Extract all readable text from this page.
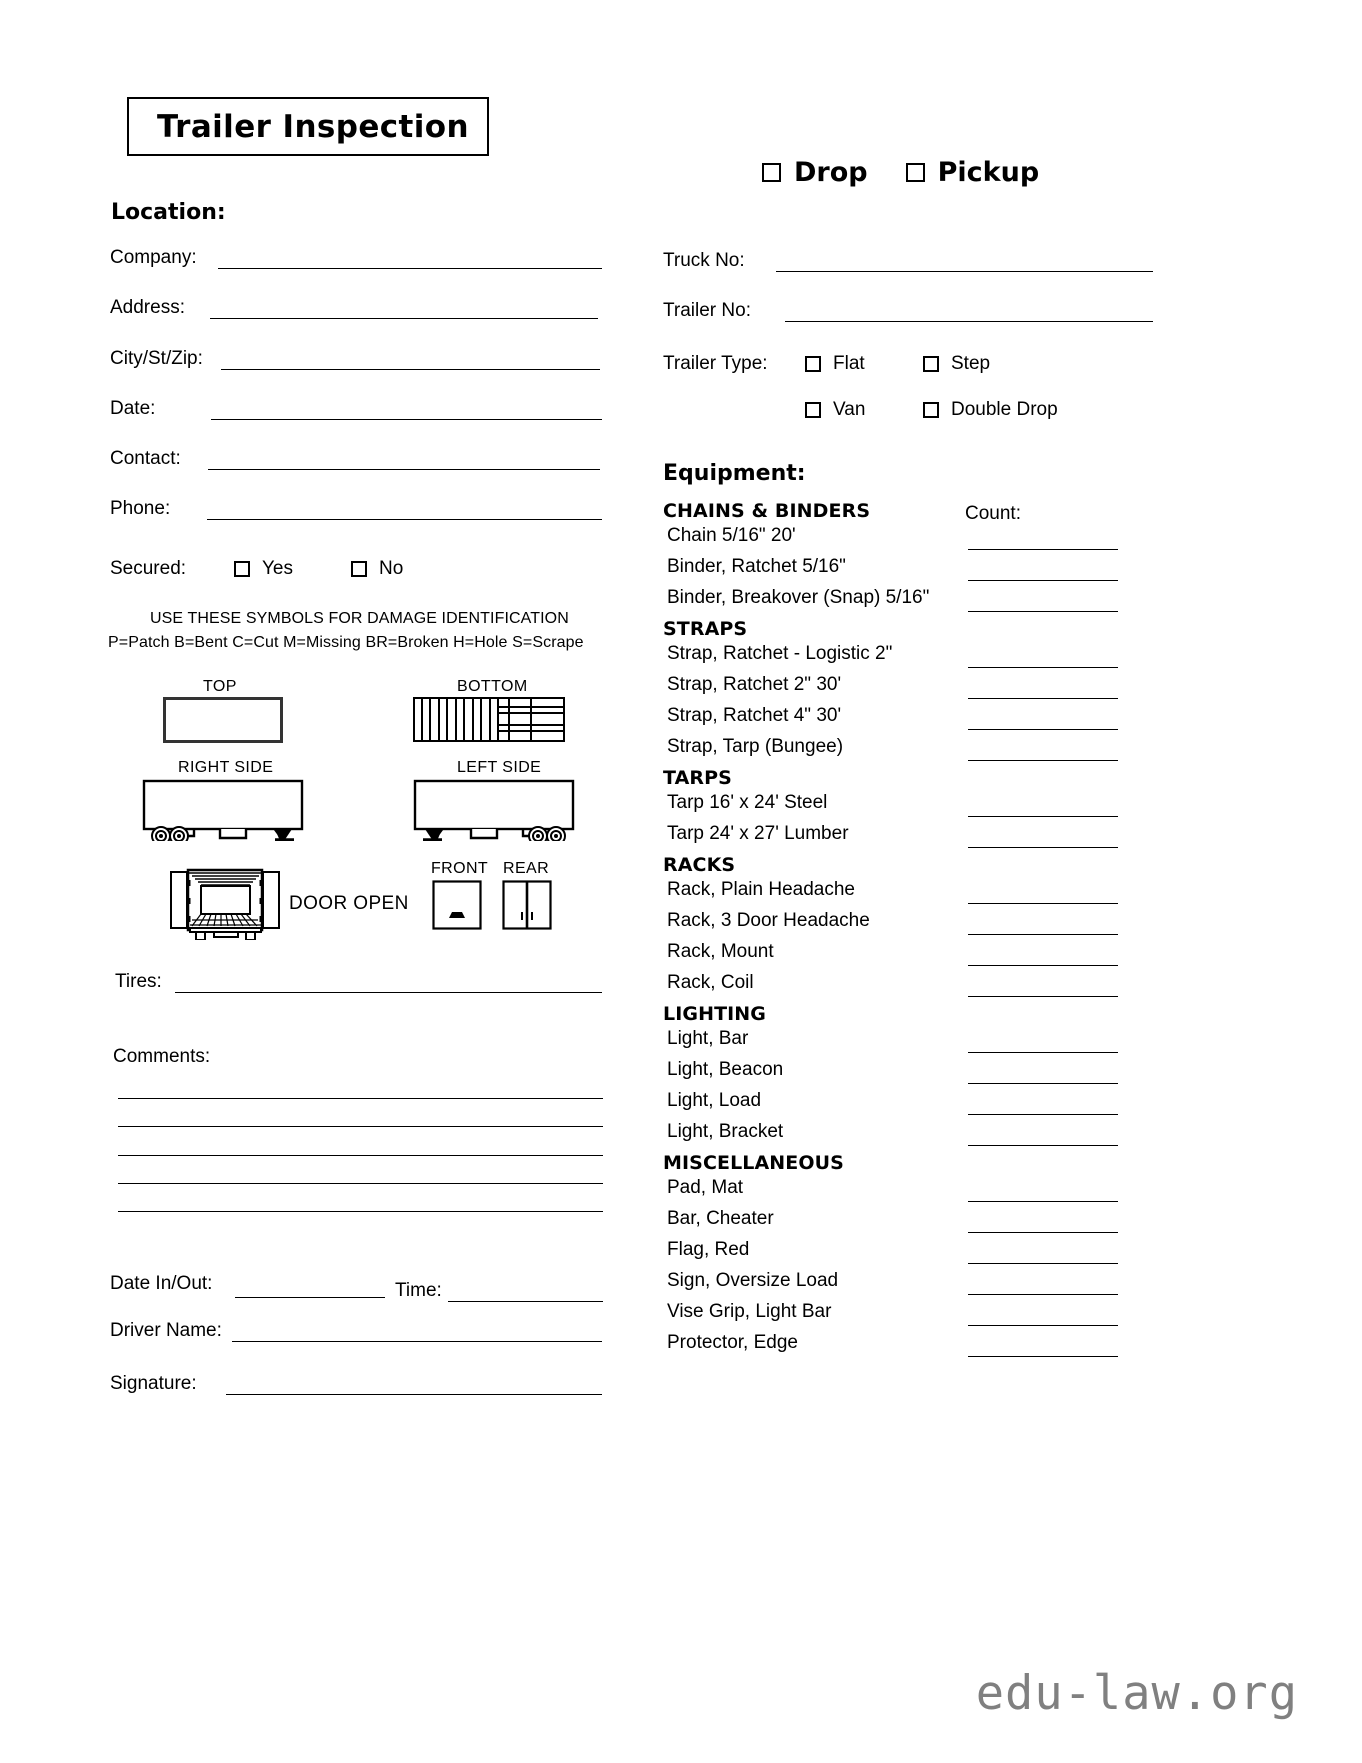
Trailer Inspection
Drop	Pickup
Location:
Company:
Address:
City/St/Zip:
Date:
Contact:
Phone:
Secured:	Yes	No
USE THESE SYMBOLS FOR DAMAGE IDENTIFICATION
P=Patch B=Bent C=Cut M=Missing BR=Broken H=Hole S=Scrape
TOP	BOTTOM
RIGHT SIDE	LEFT SIDE
DOOR OPEN
FRONT REAR
Tires:
Comments:
Date In/Out:	Time:
Driver Name:
Signature:
Truck No:
Trailer No:
Trailer Type:	Flat	Step
Van	Double Drop
Equipment:
Count:
CHAINS & BINDERS
Chain 5/16" 20'
Binder, Ratchet 5/16"
Binder, Breakover (Snap) 5/16"
STRAPS
Strap, Ratchet - Logistic 2"
Strap, Ratchet 2" 30'
Strap, Ratchet 4" 30'
Strap, Tarp (Bungee)
TARPS
Tarp 16' x 24' Steel
Tarp 24' x 27' Lumber
RACKS
Rack, Plain Headache
Rack, 3 Door Headache
Rack, Mount
Rack, Coil
LIGHTING
Light, Bar
Light, Beacon
Light, Load
Light, Bracket
MISCELLANEOUS
Pad, Mat
Bar, Cheater
Flag, Red
Sign, Oversize Load
Vise Grip, Light Bar
Protector, Edge
edu-law.org
